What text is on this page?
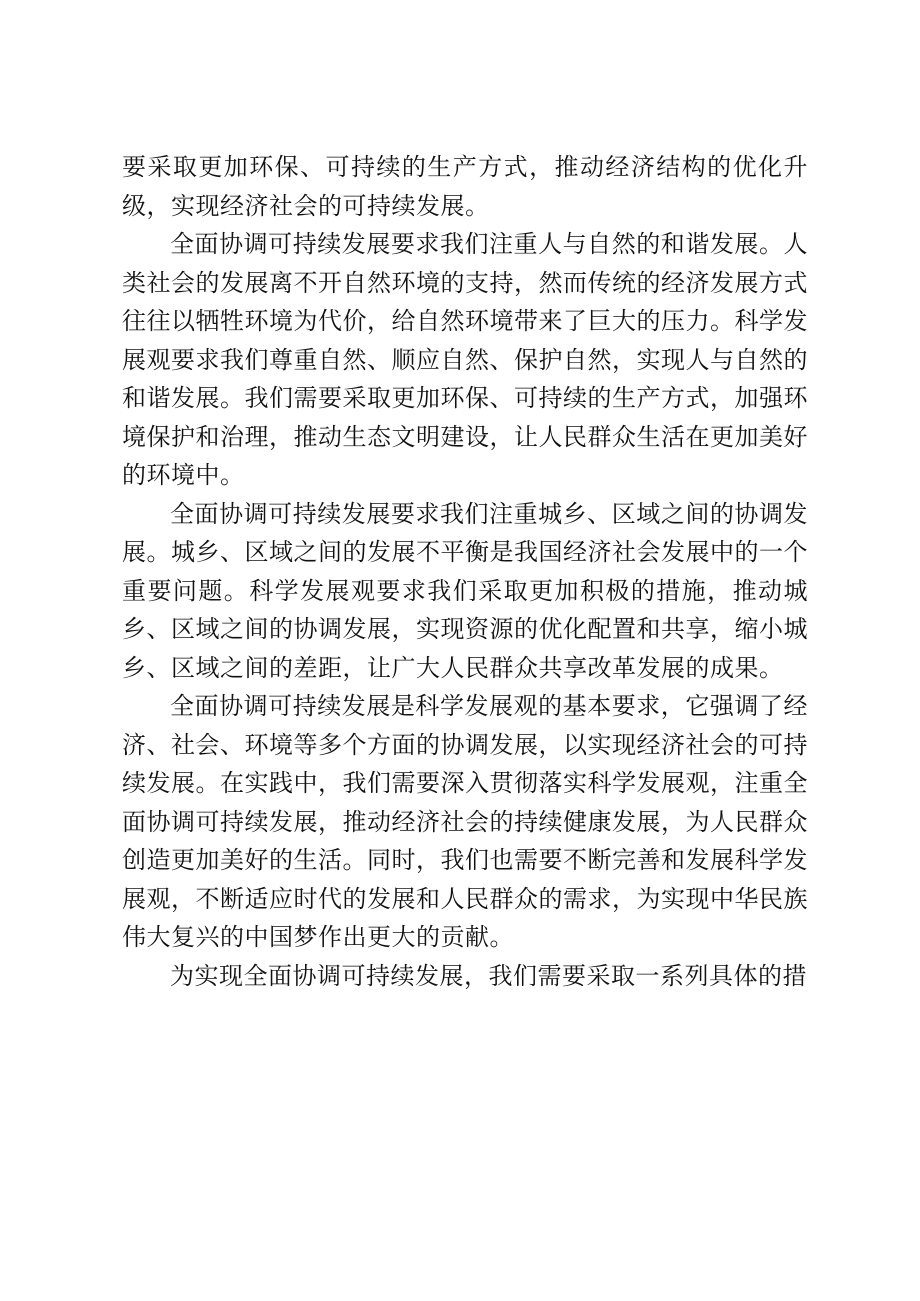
要采取更加环保、可持续的生产方式，推动经济结构的优化升级，实现经济社会的可持续发展。

全面协调可持续发展要求我们注重人与自然的和谐发展。人类社会的发展离不开自然环境的支持，然而传统的经济发展方式往往以牺牲环境为代价，给自然环境带来了巨大的压力。科学发展观要求我们尊重自然、顺应自然、保护自然，实现人与自然的和谐发展。我们需要采取更加环保、可持续的生产方式，加强环境保护和治理，推动生态文明建设，让人民群众生活在更加美好的环境中。

全面协调可持续发展要求我们注重城乡、区域之间的协调发展。城乡、区域之间的发展不平衡是我国经济社会发展中的一个重要问题。科学发展观要求我们采取更加积极的措施，推动城乡、区域之间的协调发展，实现资源的优化配置和共享，缩小城乡、区域之间的差距，让广大人民群众共享改革发展的成果。

全面协调可持续发展是科学发展观的基本要求，它强调了经济、社会、环境等多个方面的协调发展，以实现经济社会的可持续发展。在实践中，我们需要深入贯彻落实科学发展观，注重全面协调可持续发展，推动经济社会的持续健康发展，为人民群众创造更加美好的生活。同时，我们也需要不断完善和发展科学发展观，不断适应时代的发展和人民群众的需求，为实现中华民族伟大复兴的中国梦作出更大的贡献。

为实现全面协调可持续发展，我们需要采取一系列具体的措
